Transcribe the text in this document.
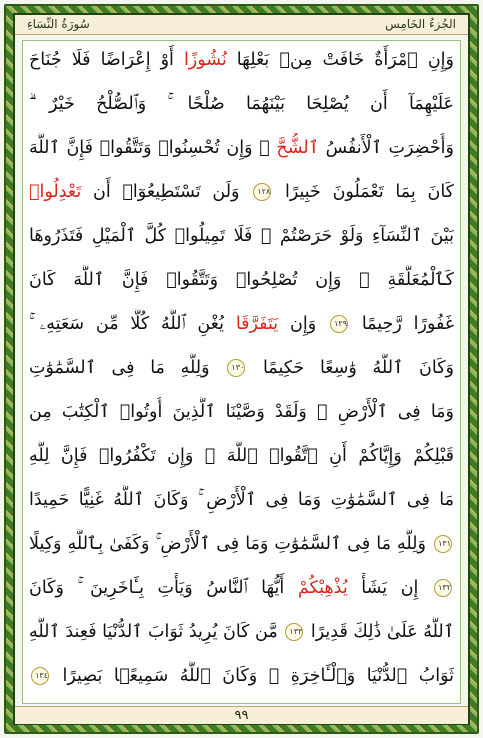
الجُزءُ الخَامِس
سُورَةُ النِّسَاءِ
وَإِنِ ٱمْرَأَةٌ خَافَتْ مِنۢ بَعْلِهَا نُشُوزًا أَوْ إِعْرَاضًا فَلَا جُنَاحَ
عَلَيْهِمَآ أَن يُصْلِحَا بَيْنَهُمَا صُلْحًا ۚ وَٱلصُّلْحُ خَيْرٌ ۗ
وَأُحْضِرَتِ ٱلْأَنفُسُ ٱلشُّحَّ ۚ وَإِن تُحْسِنُوا۟ وَتَتَّقُوا۟ فَإِنَّ ٱللَّهَ
كَانَ بِمَا تَعْمَلُونَ خَبِيرًا ١٢٨ وَلَن تَسْتَطِيعُوٓا۟ أَن تَعْدِلُوا۟
بَيْنَ ٱلنِّسَآءِ وَلَوْ حَرَصْتُمْ ۖ فَلَا تَمِيلُوا۟ كُلَّ ٱلْمَيْلِ فَتَذَرُوهَا
كَٱلْمُعَلَّقَةِ ۚ وَإِن تُصْلِحُوا۟ وَتَتَّقُوا۟ فَإِنَّ ٱللَّهَ كَانَ
غَفُورًا رَّحِيمًا ١٢٩ وَإِن يَتَفَرَّقَا يُغْنِ ٱللَّهُ كُلًّا مِّن سَعَتِهِۦ ۚ
وَكَانَ ٱللَّهُ وَٰسِعًا حَكِيمًا ١٣٠ وَلِلَّهِ مَا فِى ٱلسَّمَٰوَٰتِ
وَمَا فِى ٱلْأَرْضِ ۗ وَلَقَدْ وَصَّيْنَا ٱلَّذِينَ أُوتُوا۟ ٱلْكِتَٰبَ مِن
قَبْلِكُمْ وَإِيَّاكُمْ أَنِ ٱتَّقُوا۟ ٱللَّهَ ۚ وَإِن تَكْفُرُوا۟ فَإِنَّ لِلَّهِ
مَا فِى ٱلسَّمَٰوَٰتِ وَمَا فِى ٱلْأَرْضِ ۚ وَكَانَ ٱللَّهُ غَنِيًّا حَمِيدًا
١٣١ وَلِلَّهِ مَا فِى ٱلسَّمَٰوَٰتِ وَمَا فِى ٱلْأَرْضِ ۚ وَكَفَىٰ بِٱللَّهِ وَكِيلًا
١٣٢ إِن يَشَأْ يُذْهِبْكُمْ أَيُّهَا ٱلنَّاسُ وَيَأْتِ بِـَٔاخَرِينَ ۚ وَكَانَ
ٱللَّهُ عَلَىٰ ذَٰلِكَ قَدِيرًا ١٣٣ مَّن كَانَ يُرِيدُ ثَوَابَ ٱلدُّنْيَا فَعِندَ ٱللَّهِ
ثَوَابُ ٱلدُّنْيَا وَٱلْـَٔاخِرَةِ ۚ وَكَانَ ٱللَّهُ سَمِيعًۢا بَصِيرًا ١٣٤
٩٩
